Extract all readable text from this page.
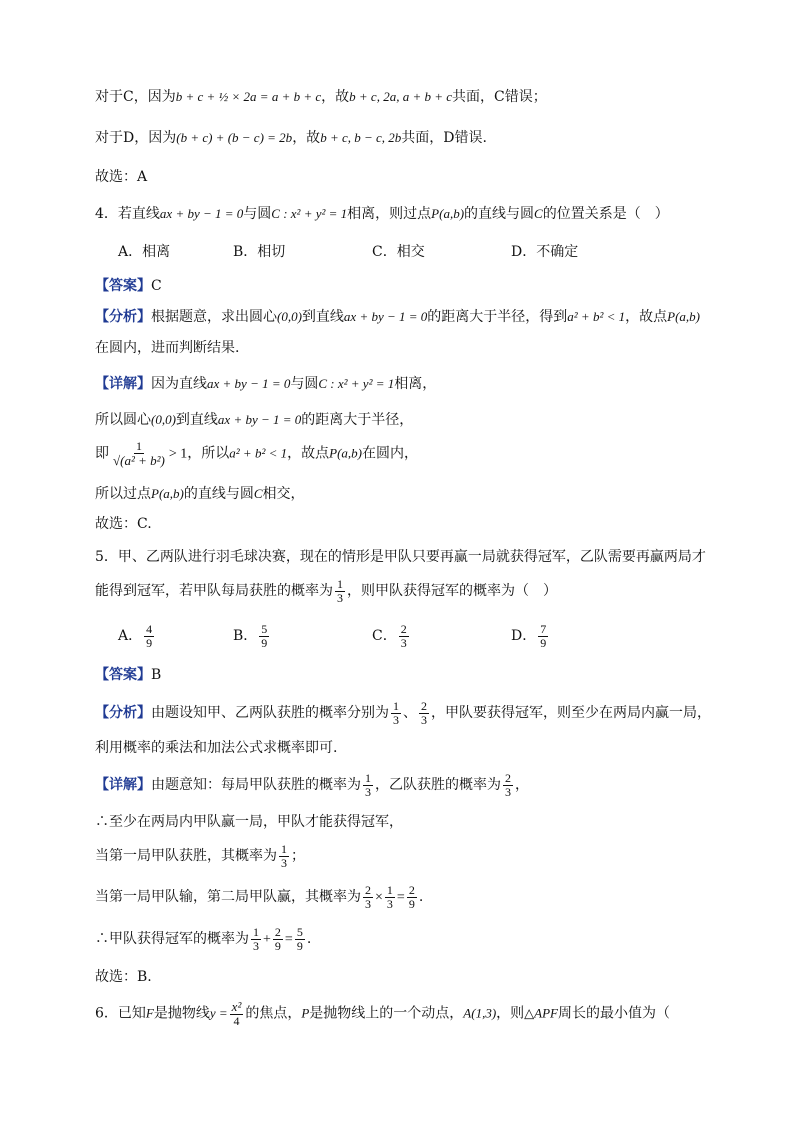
对于C，因为b + c + ½ × 2a = a + b + c，故b + c, 2a, a + b + c共面，C错误；
对于D，因为(b + c) + (b − c) = 2b，故b + c, b − c, 2b共面，D错误.
故选：A
4．若直线ax + by − 1 = 0与圆C : x² + y² = 1相离，则过点P(a,b)的直线与圆C的位置关系是（　）
A．相离	B．相切	C．相交	D．不确定
【答案】C
【分析】根据题意，求出圆心(0,0)到直线ax + by − 1 = 0的距离大于半径，得到a² + b² < 1，故点P(a,b)
在圆内，进而判断结果.
【详解】因为直线ax + by − 1 = 0与圆C : x² + y² = 1相离，
所以圆心(0,0)到直线ax + by − 1 = 0的距离大于半径，
即 $\frac{1}{\text{√(a² + b²)}} > 1$，所以a² + b² < 1，故点P(a,b)在圆内，
所以过点P(a,b)的直线与圆C相交，
故选：C.
5．甲、乙两队进行羽毛球决赛，现在的情形是甲队只要再赢一局就获得冠军，乙队需要再赢两局才
能得到冠军，若甲队每局获胜的概率为 $\frac{1}{3}$ ，则甲队获得冠军的概率为（　）
A． $\frac{4}{9}$	B． $\frac{5}{9}$	C． $\frac{2}{3}$	D． $\frac{7}{9}$
【答案】B
【分析】由题设知甲、乙两队获胜的概率分别为 $\frac{1}{3}$ 、 $\frac{2}{3}$ ，甲队要获得冠军，则至少在两局内赢一局，
利用概率的乘法和加法公式求概率即可.
【详解】由题意知：每局甲队获胜的概率为 $\frac{1}{3}$ ，乙队获胜的概率为 $\frac{2}{3}$ ，
∴至少在两局内甲队赢一局，甲队才能获得冠军，
当第一局甲队获胜，其概率为 $\frac{1}{3}$ ；
当第一局甲队输，第二局甲队赢，其概率为 $\frac{2}{3} \times \frac{1}{3} = \frac{2}{9}$ .
∴甲队获得冠军的概率为 $\frac{1}{3} + \frac{2}{9} = \frac{5}{9}$ .
故选：B.
6．已知F是抛物线$y = \frac{\text{x²}}{4}$ 的焦点，P是抛物线上的一个动点，A(1,3)，则△APF周长的最小值为（
